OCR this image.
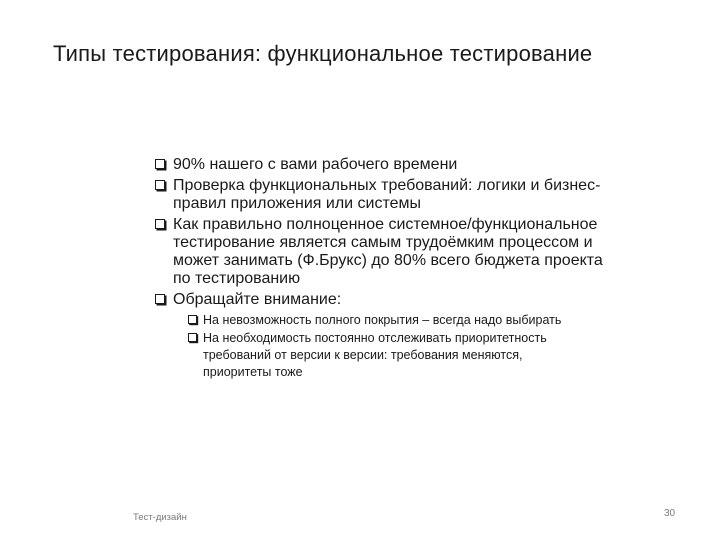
Типы тестирования: функциональное тестирование
90% нашего с вами рабочего времени
Проверка функциональных требований: логики и бизнес-правил приложения или системы
Как правильно полноценное системное/функциональное тестирование является самым трудоёмким процессом и может занимать (Ф.Брукс) до 80% всего бюджета проекта по тестированию
Обращайте внимание:
На невозможность полного покрытия – всегда надо выбирать
На необходимость постоянно отслеживать приоритетность требований от версии к версии: требования меняются, приоритеты тоже
Тест-дизайн	30
